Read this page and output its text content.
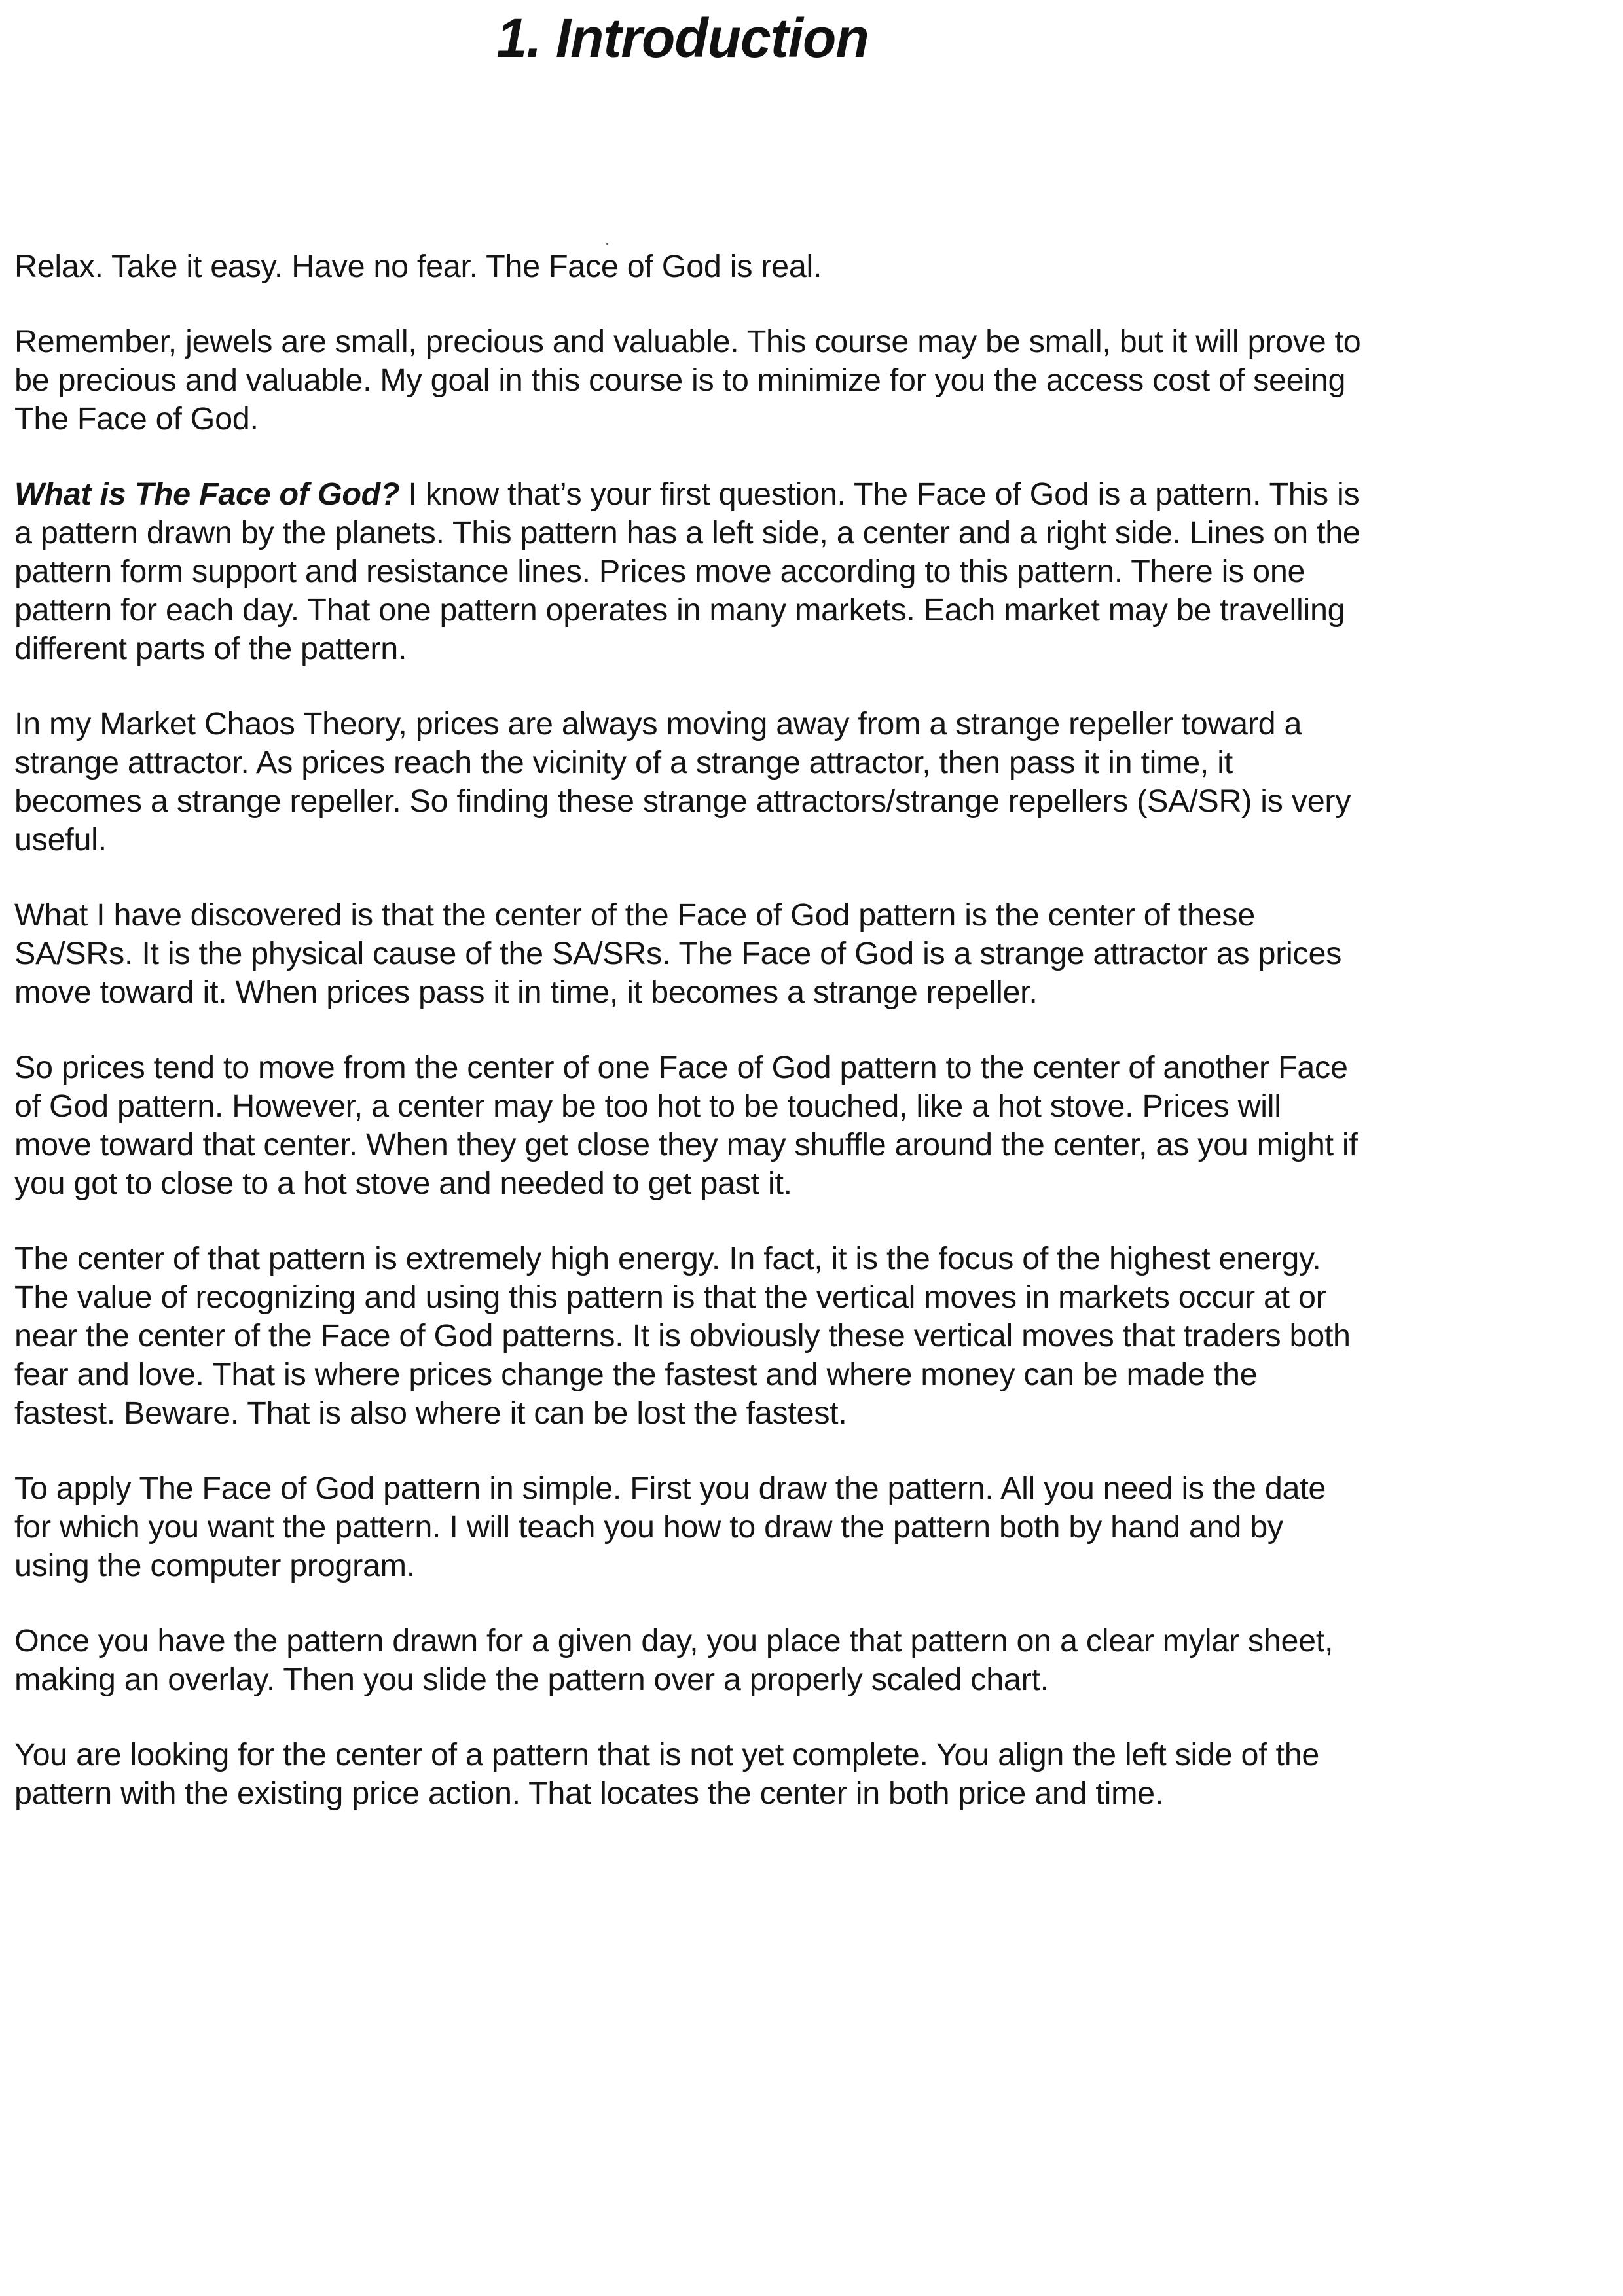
1. Introduction

Relax. Take it easy. Have no fear. The Face of God is real.

Remember, jewels are small, precious and valuable. This course may be small, but it will prove to be precious and valuable. My goal in this course is to minimize for you the access cost of seeing The Face of God.

What is The Face of God? I know that’s your first question. The Face of God is a pattern. This is a pattern drawn by the planets. This pattern has a left side, a center and a right side. Lines on the pattern form support and resistance lines. Prices move according to this pattern. There is one pattern for each day. That one pattern operates in many markets. Each market may be travelling different parts of the pattern.

In my Market Chaos Theory, prices are always moving away from a strange repeller toward a strange attractor. As prices reach the vicinity of a strange attractor, then pass it in time, it becomes a strange repeller. So finding these strange attractors/strange repellers (SA/SR) is very useful.

What I have discovered is that the center of the Face of God pattern is the center of these SA/SRs. It is the physical cause of the SA/SRs. The Face of God is a strange attractor as prices move toward it. When prices pass it in time, it becomes a strange repeller.

So prices tend to move from the center of one Face of God pattern to the center of another Face of God pattern. However, a center may be too hot to be touched, like a hot stove. Prices will move toward that center. When they get close they may shuffle around the center, as you might if you got to close to a hot stove and needed to get past it.

The center of that pattern is extremely high energy. In fact, it is the focus of the highest energy. The value of recognizing and using this pattern is that the vertical moves in markets occur at or near the center of the Face of God patterns. It is obviously these vertical moves that traders both fear and love. That is where prices change the fastest and where money can be made the fastest. Beware. That is also where it can be lost the fastest.

To apply The Face of God pattern in simple. First you draw the pattern. All you need is the date for which you want the pattern. I will teach you how to draw the pattern both by hand and by using the computer program.

Once you have the pattern drawn for a given day, you place that pattern on a clear mylar sheet, making an overlay. Then you slide the pattern over a properly scaled chart.

You are looking for the center of a pattern that is not yet complete. You align the left side of the pattern with the existing price action. That locates the center in both price and time.
